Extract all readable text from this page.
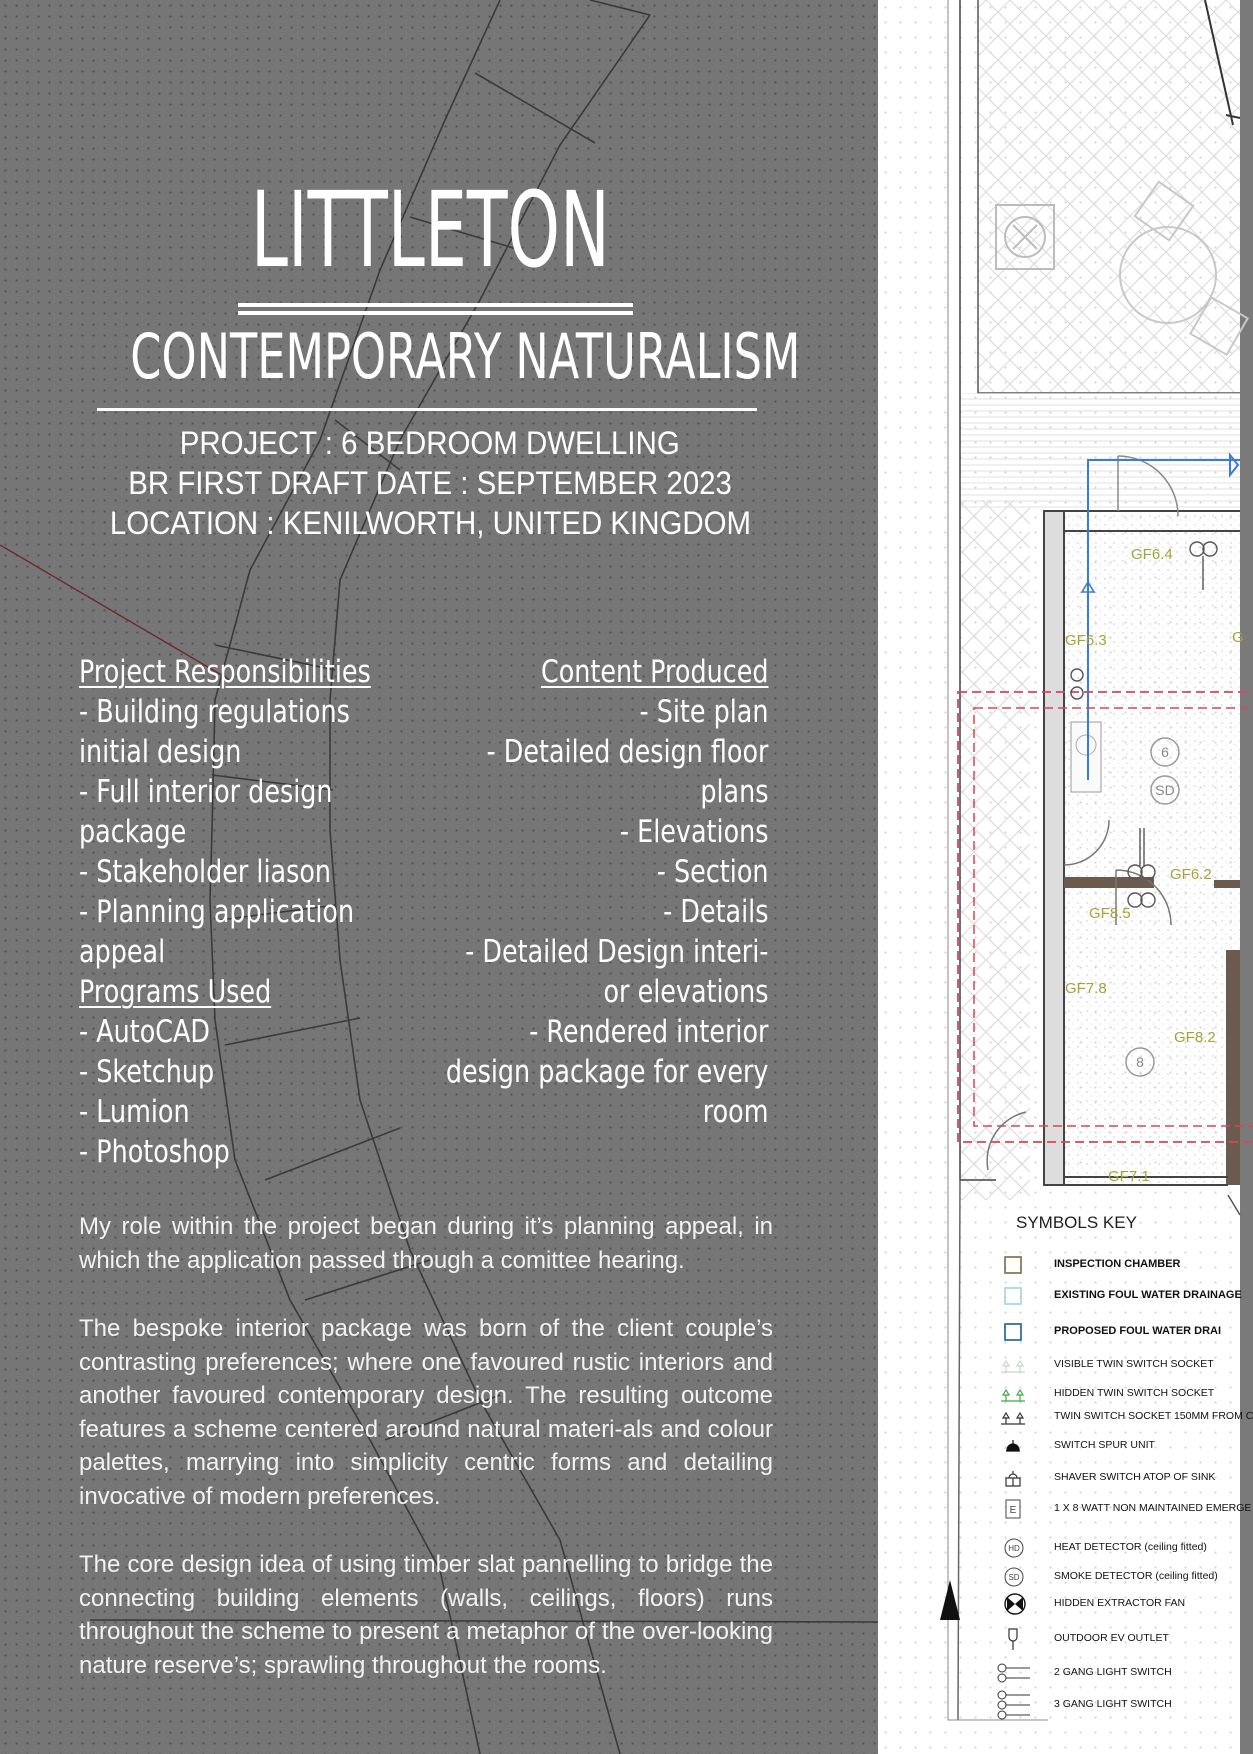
LITTLETON
CONTEMPORARY NATURALISM
PROJECT : 6 BEDROOM DWELLING
BR FIRST DRAFT DATE : SEPTEMBER 2023
LOCATION : KENILWORTH, UNITED KINGDOM
Project Responsibilities
- Building regulations
initial design
- Full interior design
package
- Stakeholder liason
- Planning application
appeal
Programs Used
- AutoCAD
- Sketchup
- Lumion
- Photoshop
Content Produced
- Site plan
- Detailed design floor
plans
- Elevations
- Section
- Details
- Detailed Design interi-
or elevations
- Rendered interior
design package for every
room

My role within the project began during it’s planning appeal, in which the application passed through a comittee hearing.

The bespoke interior package was born of the client couple’s contrasting preferences; where one favoured rustic interiors and another favoured contemporary design. The resulting outcome features a scheme centered around natural materi-als and colour palettes, marrying into simplicity centric forms and detailing invocative of modern preferences.

The core design idea of using timber slat pannelling to bridge the connecting building elements (walls, ceilings, floors) runs throughout the scheme to present a metaphor of the over-looking nature reserve’s; sprawling throughout the rooms.

6
SD
8
GF6.4
GF6.3
GF6.2
GF8.5
GF7.8
GF8.2
GF7.1
G
SYMBOLS KEY
INSPECTION CHAMBER
EXISTING FOUL WATER DRAINAGE
PROPOSED FOUL WATER DRAI
VISIBLE TWIN SWITCH SOCKET
HIDDEN TWIN SWITCH SOCKET
TWIN SWITCH SOCKET 150MM FROM C
SWITCH SPUR UNIT
SHAVER SWITCH ATOP OF SINK
E	1 X 8 WATT NON MAINTAINED EMERGE
HD	HEAT DETECTOR (ceiling fitted)
SD	SMOKE DETECTOR (ceiling fitted)
HIDDEN EXTRACTOR FAN
OUTDOOR EV OUTLET
2 GANG LIGHT SWITCH
3 GANG LIGHT SWITCH
